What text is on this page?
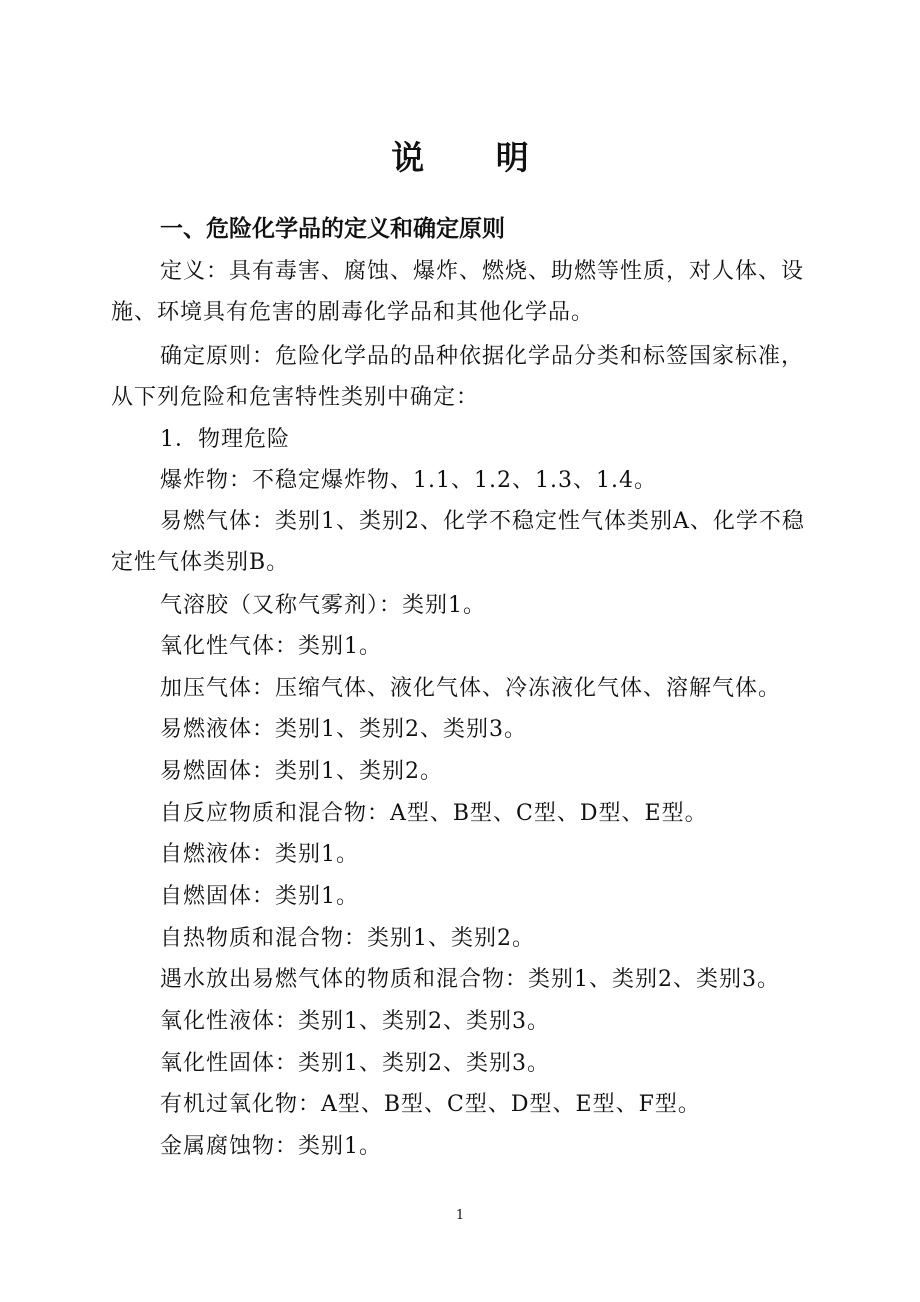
说 明
一、危险化学品的定义和确定原则

定义：具有毒害、腐蚀、爆炸、燃烧、助燃等性质，对人体、设施、环境具有危害的剧毒化学品和其他化学品。

确定原则：危险化学品的品种依据化学品分类和标签国家标准，从下列危险和危害特性类别中确定：

1．物理危险

爆炸物：不稳定爆炸物、1.1、1.2、1.3、1.4。

易燃气体：类别1、类别2、化学不稳定性气体类别A、化学不稳定性气体类别B。

气溶胶（又称气雾剂）：类别1。

氧化性气体：类别1。

加压气体：压缩气体、液化气体、冷冻液化气体、溶解气体。

易燃液体：类别1、类别2、类别3。

易燃固体：类别1、类别2。

自反应物质和混合物：A型、B型、C型、D型、E型。

自燃液体：类别1。

自燃固体：类别1。

自热物质和混合物：类别1、类别2。

遇水放出易燃气体的物质和混合物：类别1、类别2、类别3。

氧化性液体：类别1、类别2、类别3。

氧化性固体：类别1、类别2、类别3。

有机过氧化物：A型、B型、C型、D型、E型、F型。

金属腐蚀物：类别1。

1
